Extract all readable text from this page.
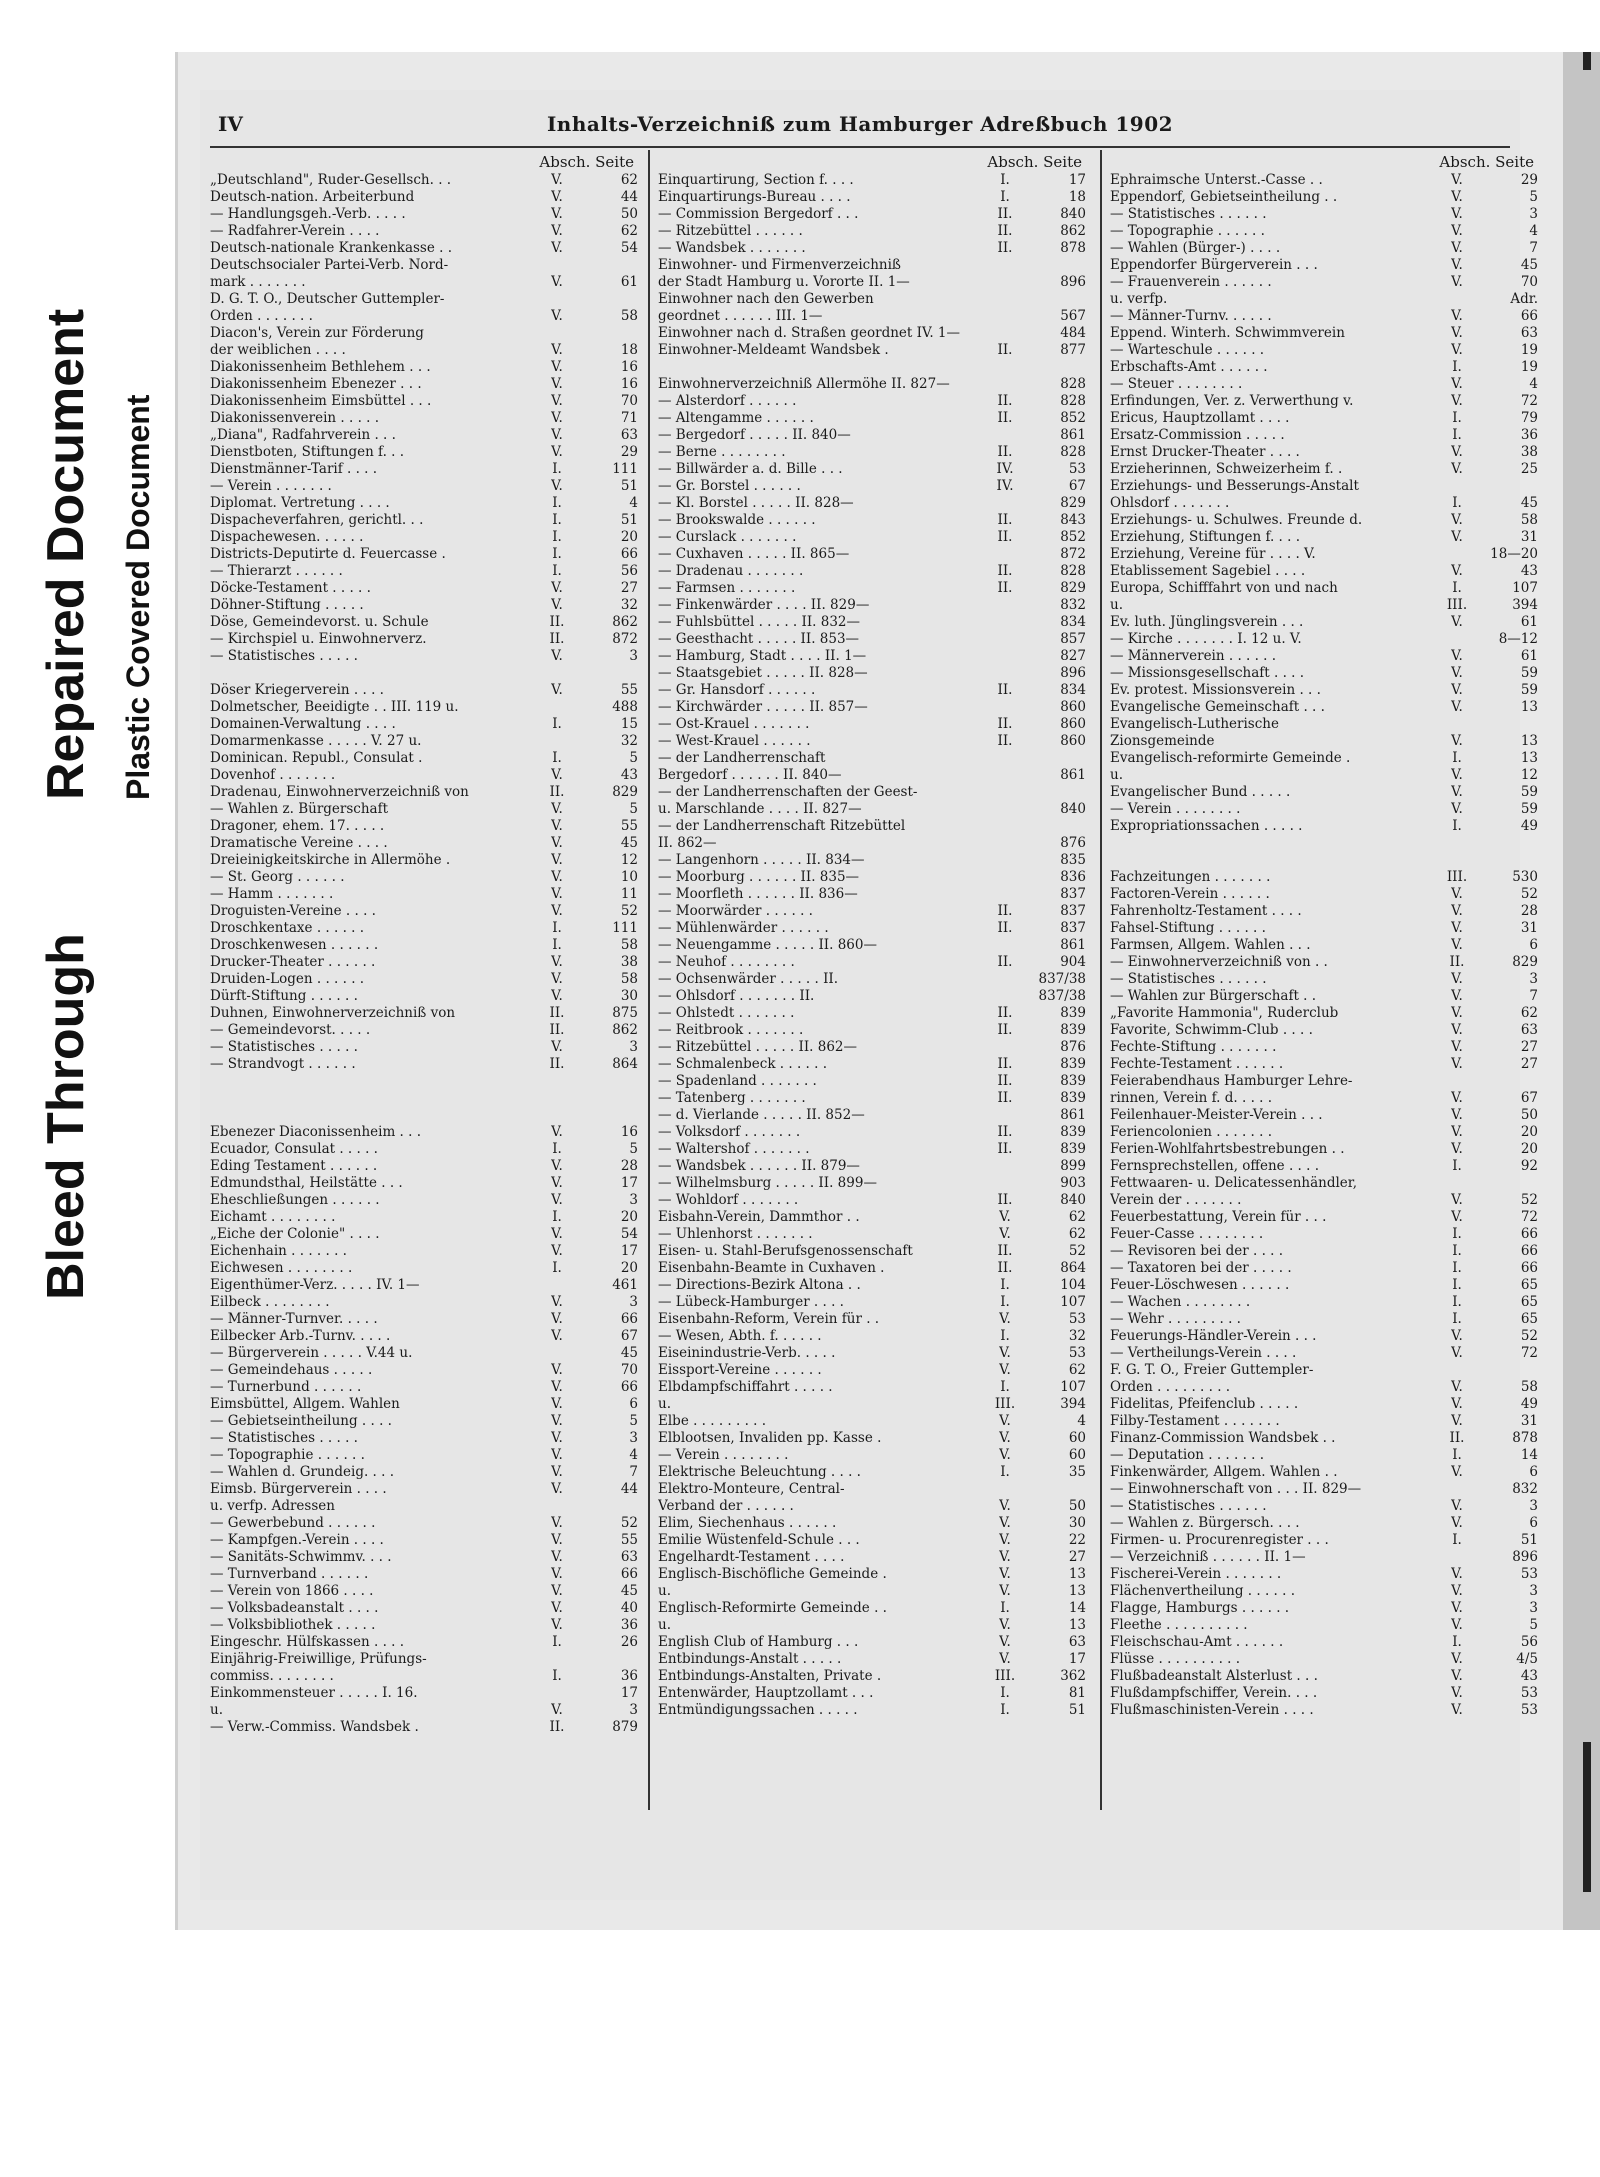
Bleed Through
Repaired Document Plastic Covered Document
IV	Inhalts-Verzeichniß zum Hamburger Adreßbuch 1902
Absch. Seite
„Deutschland", Ruder-Gesellsch. . .	V.	62
Deutsch-nation. Arbeiterbund	V.	44
— Handlungsgeh.-Verb. . . . .	V.	50
— Radfahrer-Verein . . . .	V.	62
Deutsch-nationale Krankenkasse . .	V.	54
Deutschsocialer Partei-Verb. Nord-
mark . . . . . . .	V.	61
D. G. T. O., Deutscher Guttempler-
Orden . . . . . . .	V.	58
Diacon's, Verein zur Förderung
der weiblichen . . . .	V.	18
Diakonissenheim Bethlehem . . .	V.	16
Diakonissenheim Ebenezer . . .	V.	16
Diakonissenheim Eimsbüttel . . .	V.	70
Diakonissenverein . . . . .	V.	71
„Diana", Radfahrverein . . .	V.	63
Dienstboten, Stiftungen f. . .	V.	29
Dienstmänner-Tarif . . . .	I.	111
— Verein . . . . . . .	V.	51
Diplomat. Vertretung . . . .	I.	4
Dispacheverfahren, gerichtl. . .	I.	51
Dispachewesen. . . . . .	I.	20
Districts-Deputirte d. Feuercasse .	I.	66
— Thierarzt . . . . . .	I.	56
Döcke-Testament . . . . .	V.	27
Döhner-Stiftung . . . . .	V.	32
Döse, Gemeindevorst. u. Schule	II.	862
— Kirchspiel u. Einwohnerverz.	II.	872
— Statistisches . . . . .	V.	3
Döser Kriegerverein . . . .	V.	55
Dolmetscher, Beeidigte . . III. 119 u.	488
Domainen-Verwaltung . . . .	I.	15
Domarmenkasse . . . . . V. 27 u.	32
Dominican. Republ., Consulat .	I.	5
Dovenhof . . . . . . .	V.	43
Dradenau, Einwohnerverzeichniß von	II.	829
— Wahlen z. Bürgerschaft	V.	5
Dragoner, ehem. 17. . . . .	V.	55
Dramatische Vereine . . . .	V.	45
Dreieinigkeitskirche in Allermöhe .	V.	12
— St. Georg . . . . . .	V.	10
— Hamm . . . . . . .	V.	11
Droguisten-Vereine . . . .	V.	52
Droschkentaxe . . . . . .	I.	111
Droschkenwesen . . . . . .	I.	58
Drucker-Theater . . . . . .	V.	38
Druiden-Logen . . . . . .	V.	58
Dürft-Stiftung . . . . . .	V.	30
Duhnen, Einwohnerverzeichniß von	II.	875
— Gemeindevorst. . . . .	II.	862
— Statistisches . . . . .	V.	3
— Strandvogt . . . . . .	II.	864
Ebenezer Diaconissenheim . . .	V.	16
Ecuador, Consulat . . . . .	I.	5
Eding Testament . . . . . .	V.	28
Edmundsthal, Heilstätte . . .	V.	17
Eheschließungen . . . . . .	V.	3
Eichamt . . . . . . . .	I.	20
„Eiche der Colonie" . . . .	V.	54
Eichenhain . . . . . . .	V.	17
Eichwesen . . . . . . . .	I.	20
Eigenthümer-Verz. . . . . IV. 1—	461
Eilbeck . . . . . . . .	V.	3
— Männer-Turnver. . . . .	V.	66
Eilbecker Arb.-Turnv. . . . .	V.	67
— Bürgerverein . . . . . V.44 u.	45
— Gemeindehaus . . . . .	V.	70
— Turnerbund . . . . . .	V.	66
Eimsbüttel, Allgem. Wahlen	V.	6
— Gebietseintheilung . . . .	V.	5
— Statistisches . . . . .	V.	3
— Topographie . . . . . .	V.	4
— Wahlen d. Grundeig. . . .	V.	7
Eimsb. Bürgerverein . . . .	V.	44
u. verfp. Adressen
— Gewerbebund . . . . . .	V.	52
— Kampfgen.-Verein . . . .	V.	55
— Sanitäts-Schwimmv. . . .	V.	63
— Turnverband . . . . . .	V.	66
— Verein von 1866 . . . .	V.	45
— Volksbadeanstalt . . . .	V.	40
— Volksbibliothek . . . . .	V.	36
Eingeschr. Hülfskassen . . . .	I.	26
Einjährig-Freiwillige, Prüfungs-
commiss. . . . . . . .	I.	36
Einkommensteuer . . . . . I. 16.	17
u.	V.	3
— Verw.-Commiss. Wandsbek .	II.	879
Absch. Seite
Einquartirung, Section f. . . .	I.	17
Einquartirungs-Bureau . . . .	I.	18
— Commission Bergedorf . . .	II.	840
— Ritzebüttel . . . . . .	II.	862
— Wandsbek . . . . . . .	II.	878
Einwohner- und Firmenverzeichniß
der Stadt Hamburg u. Vororte II. 1—	896
Einwohner nach den Gewerben
geordnet . . . . . . III. 1—	567
Einwohner nach d. Straßen geordnet IV. 1—	484
Einwohner-Meldeamt Wandsbek .	II.	877
Einwohnerverzeichniß Allermöhe II. 827—	828
— Alsterdorf . . . . . .	II.	828
— Altengamme . . . . . .	II.	852
— Bergedorf . . . . . II. 840—	861
— Berne . . . . . . . .	II.	828
— Billwärder a. d. Bille . . .	IV.	53
— Gr. Borstel . . . . . .	IV.	67
— Kl. Borstel . . . . . II. 828—	829
— Brookswalde . . . . . .	II.	843
— Curslack . . . . . . .	II.	852
— Cuxhaven . . . . . II. 865—	872
— Dradenau . . . . . . .	II.	828
— Farmsen . . . . . . .	II.	829
— Finkenwärder . . . . II. 829—	832
— Fuhlsbüttel . . . . . II. 832—	834
— Geesthacht . . . . . II. 853—	857
— Hamburg, Stadt . . . . II. 1—	827
— Staatsgebiet . . . . . II. 828—	896
— Gr. Hansdorf . . . . . .	II.	834
— Kirchwärder . . . . . II. 857—	860
— Ost-Krauel . . . . . . .	II.	860
— West-Krauel . . . . . .	II.	860
— der Landherrenschaft
Bergedorf . . . . . . II. 840—	861
— der Landherrenschaften der Geest-
u. Marschlande . . . . II. 827—	840
— der Landherrenschaft Ritzebüttel
II. 862—	876
— Langenhorn . . . . . II. 834—	835
— Moorburg . . . . . . II. 835—	836
— Moorfleth . . . . . . II. 836—	837
— Moorwärder . . . . . .	II.	837
— Mühlenwärder . . . . . .	II.	837
— Neuengamme . . . . . II. 860—	861
— Neuhof . . . . . . . .	II.	904
— Ochsenwärder . . . . . II.	837/38
— Ohlsdorf . . . . . . . II.	837/38
— Ohlstedt . . . . . . .	II.	839
— Reitbrook . . . . . . .	II.	839
— Ritzebüttel . . . . . II. 862—	876
— Schmalenbeck . . . . . .	II.	839
— Spadenland . . . . . . .	II.	839
— Tatenberg . . . . . . .	II.	839
— d. Vierlande . . . . . II. 852—	861
— Volksdorf . . . . . . .	II.	839
— Waltershof . . . . . . .	II.	839
— Wandsbek . . . . . . II. 879—	899
— Wilhelmsburg . . . . . II. 899—	903
— Wohldorf . . . . . . .	II.	840
Eisbahn-Verein, Dammthor . .	V.	62
— Uhlenhorst . . . . . . .	V.	62
Eisen- u. Stahl-Berufsgenossenschaft	II.	52
Eisenbahn-Beamte in Cuxhaven .	II.	864
— Directions-Bezirk Altona . .	I.	104
— Lübeck-Hamburger . . . .	I.	107
Eisenbahn-Reform, Verein für . .	V.	53
— Wesen, Abth. f. . . . . .	I.	32
Eiseinindustrie-Verb. . . . .	V.	53
Eissport-Vereine . . . . . .	V.	62
Elbdampfschiffahrt . . . . .	I.	107
u.	III.	394
Elbe . . . . . . . . .	V.	4
Elblootsen, Invaliden pp. Kasse .	V.	60
— Verein . . . . . . . .	V.	60
Elektrische Beleuchtung . . . .	I.	35
Elektro-Monteure, Central-
Verband der . . . . . .	V.	50
Elim, Siechenhaus . . . . . .	V.	30
Emilie Wüstenfeld-Schule . . .	V.	22
Engelhardt-Testament . . . .	V.	27
Englisch-Bischöfliche Gemeinde .	V.	13
u.	V.	13
Englisch-Reformirte Gemeinde . .	I.	14
u.	V.	13
English Club of Hamburg . . .	V.	63
Entbindungs-Anstalt . . . . .	V.	17
Entbindungs-Anstalten, Private .	III.	362
Entenwärder, Hauptzollamt . . .	I.	81
Entmündigungssachen . . . . .	I.	51
Absch. Seite
Ephraimsche Unterst.-Casse . .	V.	29
Eppendorf, Gebietseintheilung . .	V.	5
— Statistisches . . . . . .	V.	3
— Topographie . . . . . .	V.	4
— Wahlen (Bürger-) . . . .	V.	7
Eppendorfer Bürgerverein . . .	V.	45
— Frauenverein . . . . . .	V.	70
u. verfp.	Adr.
— Männer-Turnv. . . . . .	V.	66
Eppend. Winterh. Schwimmverein	V.	63
— Warteschule . . . . . .	V.	19
Erbschafts-Amt . . . . . .	I.	19
— Steuer . . . . . . . .	V.	4
Erfindungen, Ver. z. Verwerthung v.	V.	72
Ericus, Hauptzollamt . . . .	I.	79
Ersatz-Commission . . . . .	I.	36
Ernst Drucker-Theater . . . .	V.	38
Erzieherinnen, Schweizerheim f. .	V.	25
Erziehungs- und Besserungs-Anstalt
Ohlsdorf . . . . . . .	I.	45
Erziehungs- u. Schulwes. Freunde d.	V.	58
Erziehung, Stiftungen f. . . .	V.	31
Erziehung, Vereine für . . . . V.	18—20
Etablissement Sagebiel . . . .	V.	43
Europa, Schifffahrt von und nach	I.	107
u.	III.	394
Ev. luth. Jünglingsverein . . .	V.	61
— Kirche . . . . . . . I. 12 u. V.	8—12
— Männerverein . . . . . .	V.	61
— Missionsgesellschaft . . . .	V.	59
Ev. protest. Missionsverein . . .	V.	59
Evangelische Gemeinschaft . . .	V.	13
Evangelisch-Lutherische
Zionsgemeinde	V.	13
Evangelisch-reformirte Gemeinde .	I.	13
u.	V.	12
Evangelischer Bund . . . . .	V.	59
— Verein . . . . . . . .	V.	59
Expropriationssachen . . . . .	I.	49
Fachzeitungen . . . . . . .	III.	530
Factoren-Verein . . . . . .	V.	52
Fahrenholtz-Testament . . . .	V.	28
Fahsel-Stiftung . . . . . .	V.	31
Farmsen, Allgem. Wahlen . . .	V.	6
— Einwohnerverzeichniß von . .	II.	829
— Statistisches . . . . . .	V.	3
— Wahlen zur Bürgerschaft . .	V.	7
„Favorite Hammonia", Ruderclub	V.	62
Favorite, Schwimm-Club . . . .	V.	63
Fechte-Stiftung . . . . . . .	V.	27
Fechte-Testament . . . . . .	V.	27
Feierabendhaus Hamburger Lehre-
rinnen, Verein f. d. . . . .	V.	67
Feilenhauer-Meister-Verein . . .	V.	50
Feriencolonien . . . . . . .	V.	20
Ferien-Wohlfahrtsbestrebungen . .	V.	20
Fernsprechstellen, offene . . . .	I.	92
Fettwaaren- u. Delicatessenhändler,
Verein der . . . . . . .	V.	52
Feuerbestattung, Verein für . . .	V.	72
Feuer-Casse . . . . . . . .	I.	66
— Revisoren bei der . . . .	I.	66
— Taxatoren bei der . . . . .	I.	66
Feuer-Löschwesen . . . . . .	I.	65
— Wachen . . . . . . . .	I.	65
— Wehr . . . . . . . . .	I.	65
Feuerungs-Händler-Verein . . .	V.	52
— Vertheilungs-Verein . . . .	V.	72
F. G. T. O., Freier Guttempler-
Orden . . . . . . . . .	V.	58
Fidelitas, Pfeifenclub . . . . .	V.	49
Filby-Testament . . . . . . .	V.	31
Finanz-Commission Wandsbek . .	II.	878
— Deputation . . . . . . .	I.	14
Finkenwärder, Allgem. Wahlen . .	V.	6
— Einwohnerschaft von . . . II. 829—	832
— Statistisches . . . . . .	V.	3
— Wahlen z. Bürgersch. . . .	V.	6
Firmen- u. Procurenregister . . .	I.	51
— Verzeichniß . . . . . . II. 1—	896
Fischerei-Verein . . . . . . .	V.	53
Flächenvertheilung . . . . . .	V.	3
Flagge, Hamburgs . . . . . .	V.	3
Fleethe . . . . . . . . . .	V.	5
Fleischschau-Amt . . . . . .	I.	56
Flüsse . . . . . . . . . .	V.	4/5
Flußbadeanstalt Alsterlust . . .	V.	43
Flußdampfschiffer, Verein. . . .	V.	53
Flußmaschinisten-Verein . . . .	V.	53
